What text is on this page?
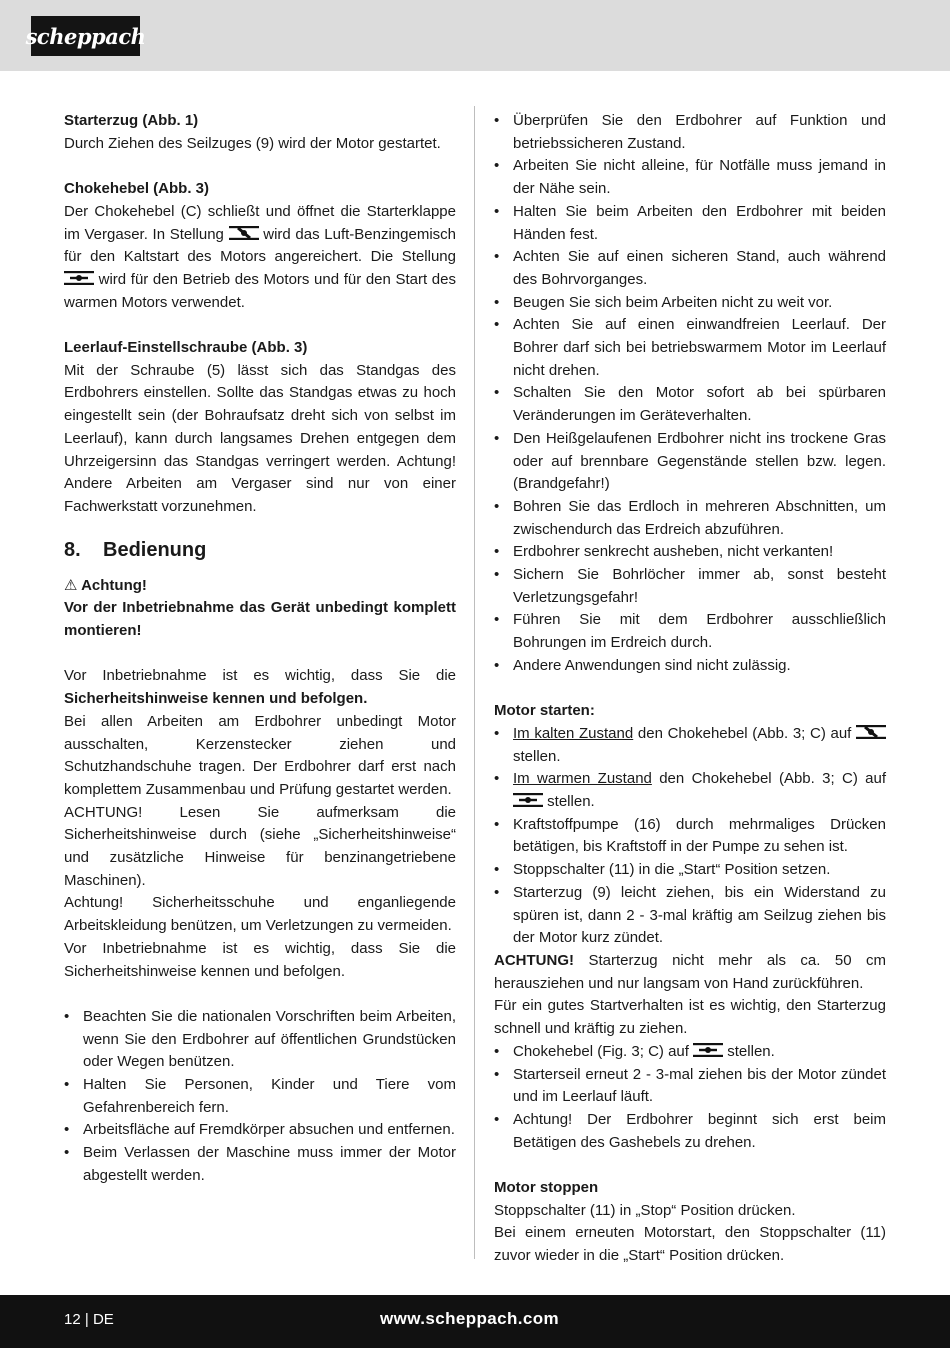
scheppach

Starterzug (Abb. 1)

Durch Ziehen des Seilzuges (9) wird der Motor gestartet.

Chokehebel (Abb. 3)

Der Chokehebel (C) schließt und öffnet die Starterklappe im Vergaser. In Stellung	wird das Luft-Benzingemisch für den Kaltstart des Motors angereichert. Die Stellung  wird für den Betrieb des Motors und für den Start des warmen Motors verwendet.

Leerlauf-Einstellschraube (Abb. 3)

Mit der Schraube (5) lässt sich das Standgas des Erdbohrers einstellen. Sollte das Standgas etwas zu hoch eingestellt sein (der Bohraufsatz dreht sich von selbst im Leerlauf), kann durch langsames Drehen entgegen dem Uhrzeigersinn das Standgas verringert werden. Achtung! Andere Arbeiten am Vergaser sind nur von einer Fachwerkstatt vorzunehmen.

8. Bedienung

⚠ Achtung!

Vor der Inbetriebnahme das Gerät unbedingt komplett montieren!

Vor Inbetriebnahme ist es wichtig, dass Sie die Sicherheitshinweise kennen und befolgen.

Bei allen Arbeiten am Erdbohrer unbedingt Motor ausschalten, Kerzenstecker ziehen und Schutzhandschuhe tragen. Der Erdbohrer darf erst nach komplettem Zusammenbau und Prüfung gestartet werden.

ACHTUNG! Lesen Sie aufmerksam die Sicherheitshinweise durch (siehe „Sicherheitshinweise“ und zusätzliche Hinweise für benzinangetriebene Maschinen).

Achtung! Sicherheitsschuhe und enganliegende Arbeitskleidung benützen, um Verletzungen zu vermeiden.

Vor Inbetriebnahme ist es wichtig, dass Sie die Sicherheitshinweise kennen und befolgen.

• Beachten Sie die nationalen Vorschriften beim Arbeiten, wenn Sie den Erdbohrer auf öffentlichen Grundstücken oder Wegen benützen.
• Halten Sie Personen, Kinder und Tiere vom Gefahrenbereich fern.
• Arbeitsfläche auf Fremdkörper absuchen und entfernen.
• Beim Verlassen der Maschine muss immer der Motor abgestellt werden.
• Überprüfen Sie den Erdbohrer auf Funktion und betriebssicheren Zustand.
• Arbeiten Sie nicht alleine, für Notfälle muss jemand in der Nähe sein.
• Halten Sie beim Arbeiten den Erdbohrer mit beiden Händen fest.
• Achten Sie auf einen sicheren Stand, auch während des Bohrvorganges.
• Beugen Sie sich beim Arbeiten nicht zu weit vor.
• Achten Sie auf einen einwandfreien Leerlauf. Der Bohrer darf sich bei betriebswarmem Motor im Leerlauf nicht drehen.
• Schalten Sie den Motor sofort ab bei spürbaren Veränderungen im Geräteverhalten.
• Den Heißgelaufenen Erdbohrer nicht ins trockene Gras oder auf brennbare Gegenstände stellen bzw. legen. (Brandgefahr!)
• Bohren Sie das Erdloch in mehreren Abschnitten, um zwischendurch das Erdreich abzuführen.
• Erdbohrer senkrecht ausheben, nicht verkanten!
• Sichern Sie Bohrlöcher immer ab, sonst besteht Verletzungsgefahr!
• Führen Sie mit dem Erdbohrer ausschließlich Bohrungen im Erdreich durch.
• Andere Anwendungen sind nicht zulässig.

Motor starten:

• Im kalten Zustand den Chokehebel (Abb. 3; C) auf  stellen.
• Im warmen Zustand den Chokehebel (Abb. 3; C) auf  stellen.
• Kraftstoffpumpe (16) durch mehrmaliges Drücken betätigen, bis Kraftstoff in der Pumpe zu sehen ist.
• Stoppschalter (11) in die „Start“ Position setzen.
• Starterzug (9) leicht ziehen, bis ein Widerstand zu spüren ist, dann 2 - 3-mal kräftig am Seilzug ziehen bis der Motor kurz zündet.

ACHTUNG! Starterzug nicht mehr als ca. 50 cm herausziehen und nur langsam von Hand zurückführen.

Für ein gutes Startverhalten ist es wichtig, den Starterzug schnell und kräftig zu ziehen.

• Chokehebel (Fig. 3; C) auf	stellen.
• Starterseil erneut 2 - 3-mal ziehen bis der Motor zündet und im Leerlauf läuft.
• Achtung! Der Erdbohrer beginnt sich erst beim Betätigen des Gashebels zu drehen.

Motor stoppen

Stoppschalter (11) in „Stop“ Position drücken.

Bei einem erneuten Motorstart, den Stoppschalter (11) zuvor wieder in die „Start“ Position drücken.

12 | DE	www.scheppach.com
